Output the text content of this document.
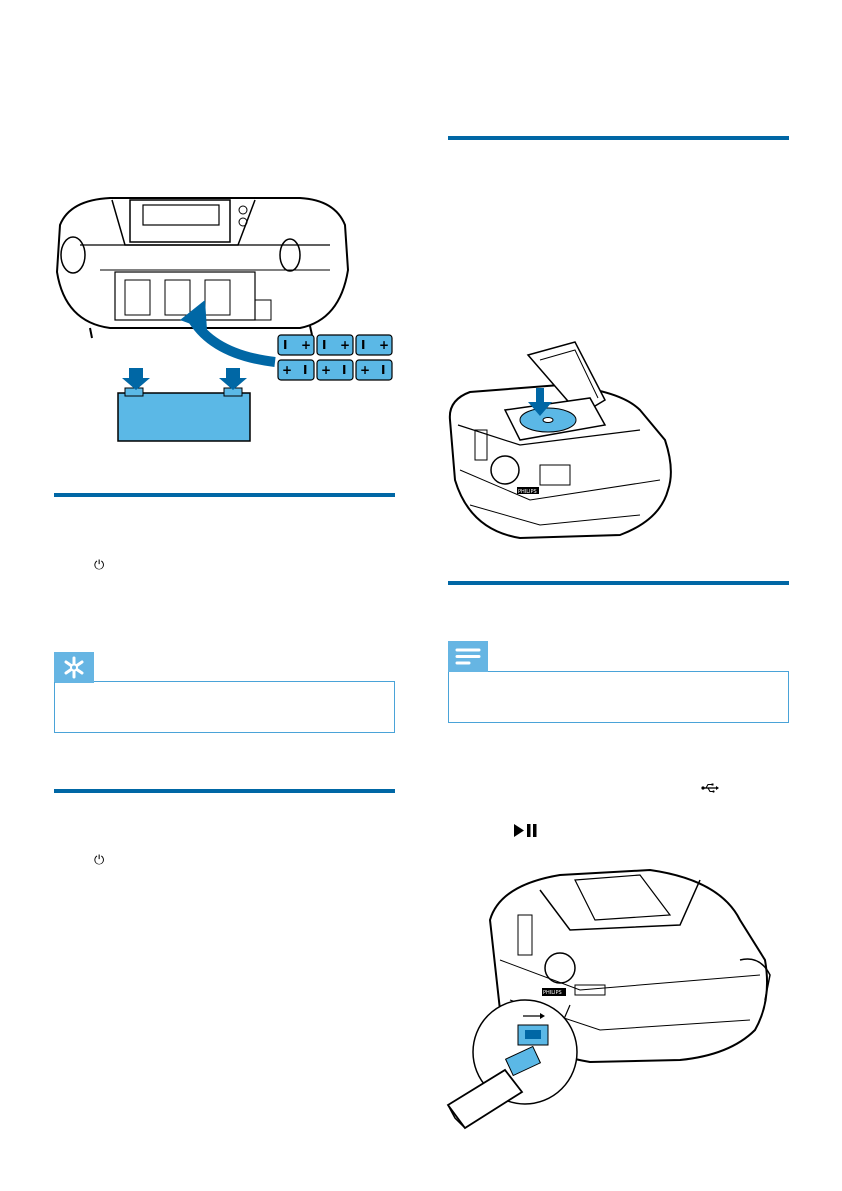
I + I + I +
+ I + I + I
⏻
⏻
PHILIPS
PHILIPS
